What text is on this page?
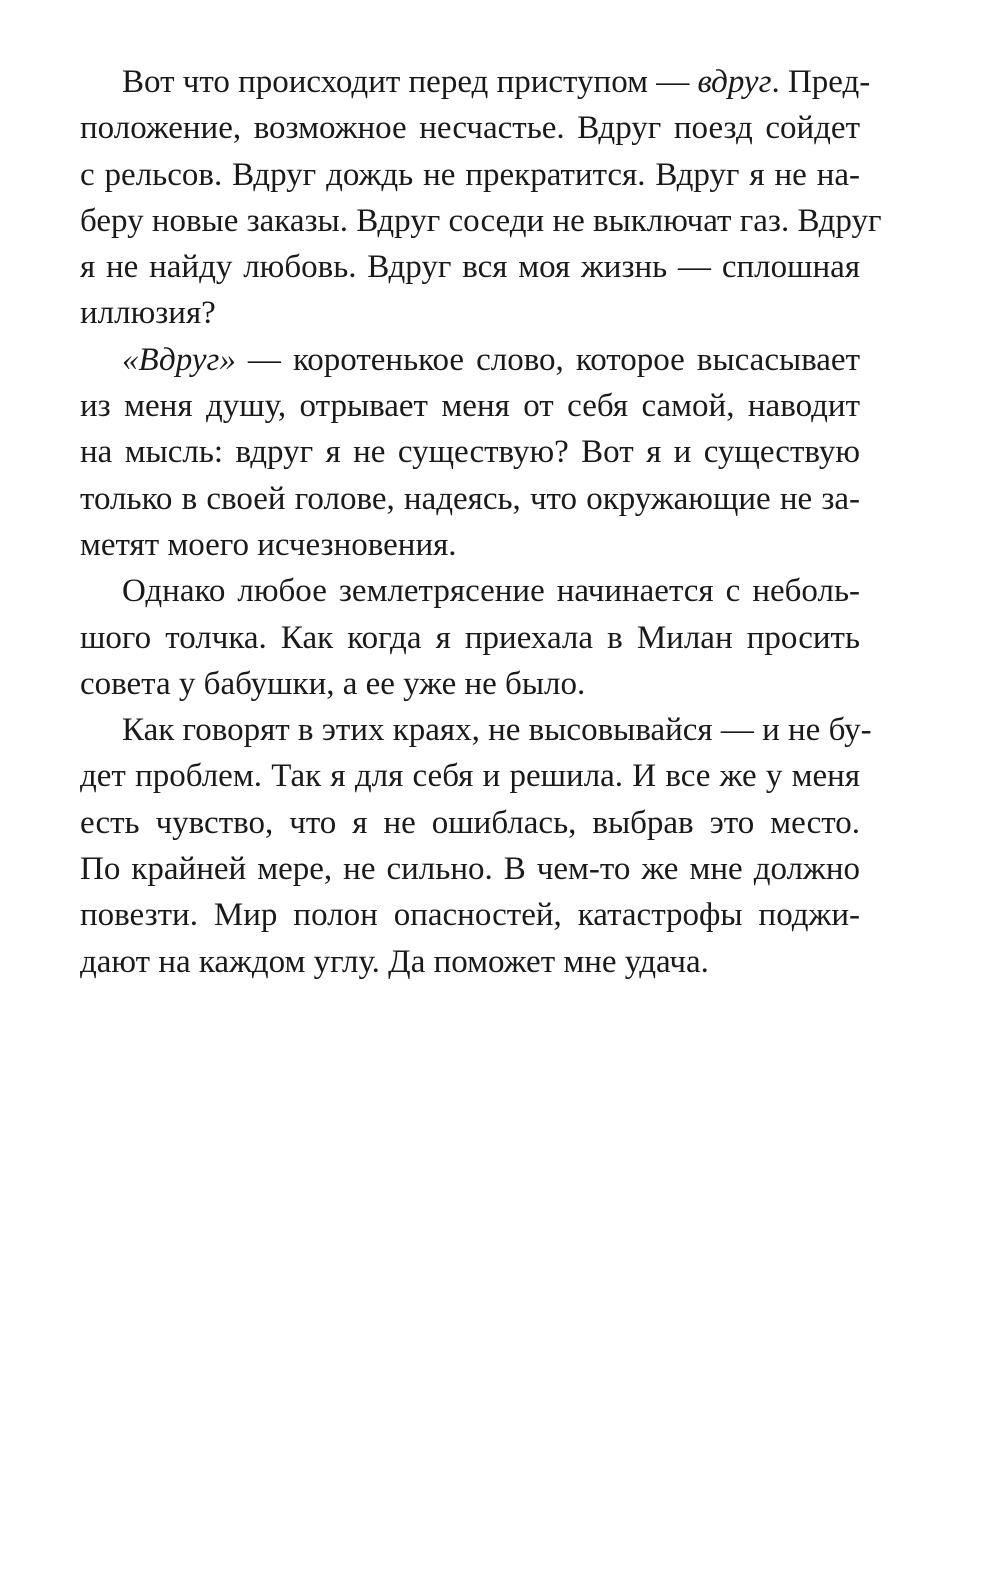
Вот что происходит перед приступом — вдруг. Пред-
положение, возможное несчастье. Вдруг поезд сойдет
с рельсов. Вдруг дождь не прекратится. Вдруг я не на-
беру новые заказы. Вдруг соседи не выключат газ. Вдруг
я не найду любовь. Вдруг вся моя жизнь — сплошная
иллюзия?
«Вдруг» — коротенькое слово, которое высасывает
из меня душу, отрывает меня от себя самой, наводит
на мысль: вдруг я не существую? Вот я и существую
только в своей голове, надеясь, что окружающие не за-
метят моего исчезновения.
Однако любое землетрясение начинается с неболь-
шого толчка. Как когда я приехала в Милан просить
совета у бабушки, а ее уже не было.
Как говорят в этих краях, не высовывайся — и не бу-
дет проблем. Так я для себя и решила. И все же у меня
есть чувство, что я не ошиблась, выбрав это место.
По крайней мере, не сильно. В чем-то же мне должно
повезти. Мир полон опасностей, катастрофы поджи-
дают на каждом углу. Да поможет мне удача.
